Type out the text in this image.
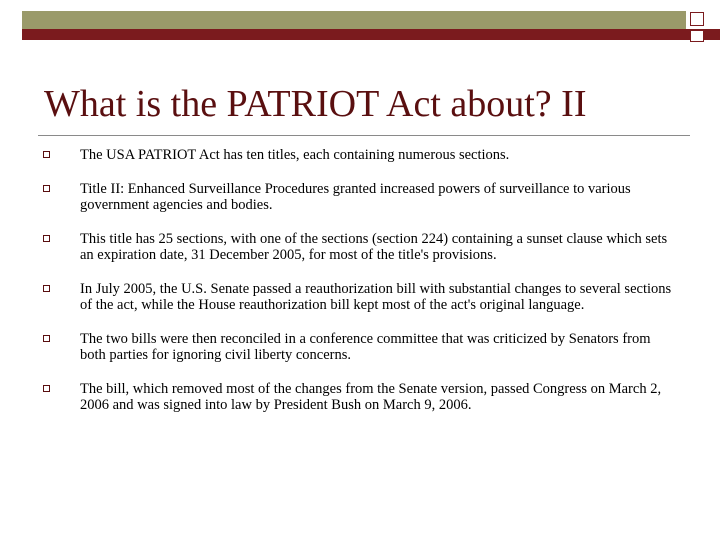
What is the PATRIOT Act about? II
The USA PATRIOT Act has ten titles, each containing numerous sections.
Title II: Enhanced Surveillance Procedures granted increased powers of surveillance to various government agencies and bodies.
This title has 25 sections, with one of the sections (section 224) containing a sunset clause which sets an expiration date, 31 December 2005, for most of the title's provisions.
In July 2005, the U.S. Senate passed a reauthorization bill with substantial changes to several sections of the act, while the House reauthorization bill kept most of the act's original language.
The two bills were then reconciled in a conference committee that was criticized by Senators from both parties for ignoring civil liberty concerns.
The bill, which removed most of the changes from the Senate version, passed Congress on March 2, 2006 and was signed into law by President Bush on March 9, 2006.
